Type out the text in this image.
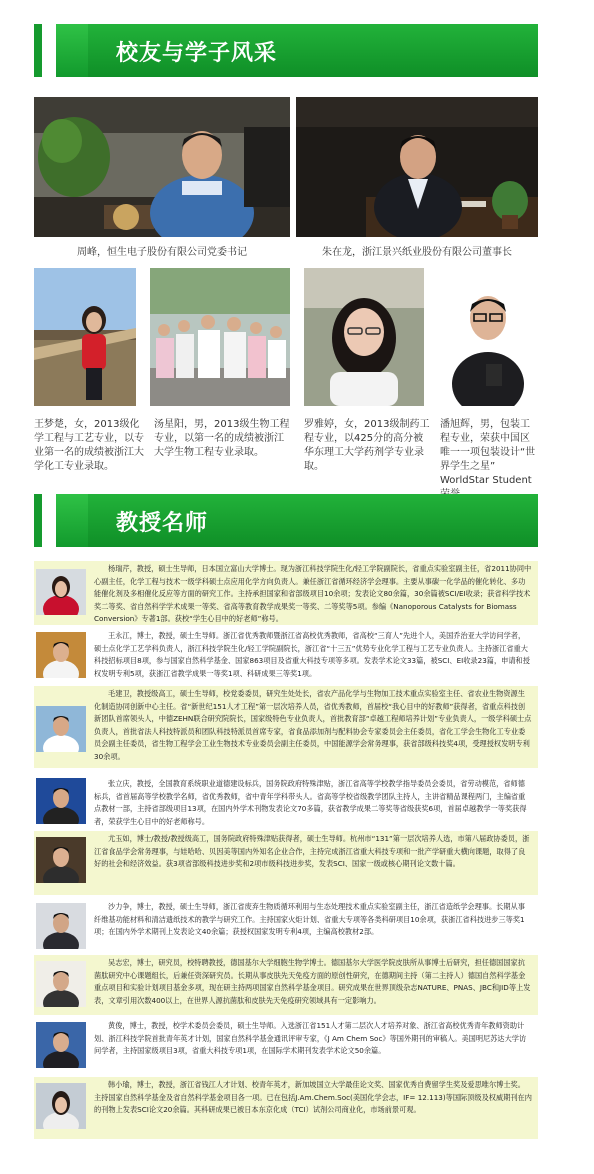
校友与学子风采
周峰，恒生电子股份有限公司党委书记	朱在龙，浙江景兴纸业股份有限公司董事长
王梦楚，女，2013级化学工程与工艺专业，以专业第一名的成绩被浙江大学化工专业录取。
汤星阳，男，2013级生物工程专业，以第一名的成绩被浙江大学生物工程专业录取。
罗雅婷，女，2013级制药工程专业，以425分的高分被华东理工大学药剂学专业录取。
潘旭辉，男，包装工程专业，荣获中国区唯一一项包装设计“世界学生之星” WorldStar Student
教授名师
杨瑞芹，教授，硕士生导师，日本国立富山大学博士。现为浙江科技学院生化/轻工学院副院长，省重点实验室副主任，省2011协同中心副主任，化学工程与技术一级学科硕士点应用化学方向负责人。兼任浙江省循环经济学会理事。主要从事碳一化学品的催化转化、多功能催化剂及多相催化反应等方面的研究工作。主持承担国家和省部级项目10余项；发表论文80余篇，30余篇被SCI/EI收录；获省科学技术奖二等奖、省自然科学学术成果一等奖、省高等教育教学成果奖一等奖、二等奖等5项。参编《Nanoporous Catalysts for Biomass Conversion》专著1部。获校“学生心目中的好老师”称号。
王永江，博士，教授，硕士生导师。浙江省优秀教师暨浙江省高校优秀教师，省高校“三育人”先进个人，美国乔治亚大学访问学者，硕士点化学工艺学科负责人，浙江科技学院生化/轻工学院副院长，浙江省“十三五”优势专业化学工程与工艺专业负责人。主持浙江省重大科技招标项目8项，参与国家自然科学基金、国家863项目及省重大科技专项等多项。发表学术论文33篇，被SCI、EI收录23篇，申请和授权发明专利5项，获浙江省教学成果一等奖1项、科研成果三等奖1项。
毛建卫，教授级高工，硕士生导师，校党委委员，研究生处处长，省农产品化学与生物加工技术重点实验室主任、省农业生物资源生化制造协同创新中心主任。省“新世纪151人才工程”第一层次培养人员，省优秀教师，首届校“我心目中的好教师”获得者，省重点科技创新团队首席领头人，中德ZEHN联合研究院院长，国家级特色专业负责人，首批教育部“卓越工程师培养计划”专业负责人，一级学科硕士点负责人，首批省法人科技特派员和团队科技特派员首席专家，省食品添加剂与配料协会专家委员会主任委员，省化工学会生物化工专业委员会副主任委员，省生物工程学会工业生物技术专业委员会副主任委员，中国能源学会常务理事，获省部级科技奖4项，受理授权发明专利30余项。
张立庆，教授，全国教育系统职业道德建设标兵，国务院政府特殊津贴，浙江省高等学校教学指导委员会委员，省劳动模范，省师德标兵，省首届高等学校教学名师，省优秀教师，省中青年学科带头人。省高等学校省级教学团队主持人，主讲省精品课程两门，主编省重点教材一部，主持省部级项目13项，在国内外学术刊物发表论文70多篇，获省教学成果二等奖等省级获奖6项，首届卓越教学一等奖获得者，荣获学生心目中的好老师称号。
尤玉如，博士/教授/教授级高工，国务院政府特殊津贴获得者，硕士生导师。杭州市“131”第一层次培养人选，市第八届政协委员，浙江省食品学会常务理事，与娃哈哈、贝因美等国内外知名企业合作，主持完成浙江省重大科技专项和一批产学研重大横向课题，取得了良好的社会和经济效益。获3项省部级科技进步奖和2项市级科技进步奖，发表SCI、国家一级或核心期刊论文数十篇。
沙力争，博士，教授，硕士生导师，浙江省废弃生物质循环利用与生态处理技术重点实验室副主任，浙江省造纸学会理事。长期从事纤维基功能材料和清洁遗纸技术的教学与研究工作。主持国家火炬计划、省重大专项等各类科研项目10余项，获浙江省科技进步三等奖1项；在国内外学术期刊上发表论文40余篇；获授权国家发明专利4项，主编高校教材2部。
吴志宏，博士，研究员，校特聘教授，德国基尔大学细胞生物学博士。德国基尔大学医学院皮肤所从事博士后研究，担任德国国家抗菌肽研究中心课题组长，后兼任资深研究员。长期从事皮肤先天免疫方面的原创性研究，在德期间主持（第二主持人）德国自然科学基金重点项目和实验计划项目基金多项，现在研主持两项国家自然科学基金项目。研究成果在世界顶级杂志NATURE、PNAS、JBC和JID等上发表，文章引用次数400以上，在世界人源抗菌肽和皮肤先天免疫研究领域具有一定影响力。
黄俊，博士，教授，校学术委员会委员，硕士生导师。入选浙江省151人才第二层次人才培养对象、浙江省高校优秀青年教师资助计划、浙江科技学院首批青年英才计划，国家自然科学基金通讯评审专家，《J Am Chem Soc》等国外期刊的审稿人。美国明尼苏达大学访问学者，主持国家级项目3项，省重大科技专项1项，在国际学术期刊发表学术论文50余篇。
韩小瑜，博士，教授，浙江省钱江人才计划、校青年英才，新加坡国立大学最佳论文奖、国家优秀自费留学生奖及爱思唯尔博士奖。主持国家自然科学基金及省自然科学基金项目各一项。已在包括J.Am.Chem.Soc(美国化学会志，IF= 12.113)等国际顶级及权威期刊在内的刊物上发表SCI论文20余篇。其科研成果已被日本东京化成（TCI）试剂公司商业化，市场前景可观。
